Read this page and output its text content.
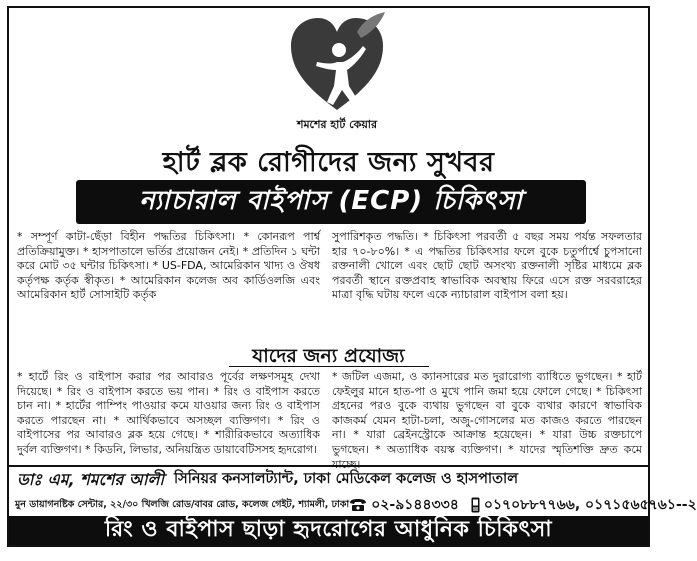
শমশের হার্ট কেয়ার
হার্ট ব্লক রোগীদের জন্য সুখবর
ন্যাচারাল বাইপাস (ECP) চিকিৎসা
* সম্পূর্ণ কাটা-ছেঁড়া বিহীন পদ্ধতির চিকিৎসা। * কোনরূপ পার্শ্ব প্রতিক্রিয়ামুক্ত। * হাসপাতালে ভর্তির প্রয়োজন নেই। * প্রতিদিন ১ ঘন্টা করে মোট ৩৫ ঘন্টার চিকিৎসা। * US-FDA, আমেরিকান খাদ্য ও ঔষধ কর্তৃপক্ষ কর্তৃক স্বীকৃত। * আমেরিকান কলেজ অব কার্ডিওলজি এবং আমেরিকান হার্ট সোসাইটি কর্তৃক
সুপারিশকৃত পদ্ধতি। * চিকিৎসা পরবর্তী ৫ বছর সময় পর্যন্ত সফলতার হার ৭০-৮০%। * এ পদ্ধতির চিকিৎসার ফলে বুকে চতুর্পার্শ্বে চুপসানো রক্তনালী খোলে এবং ছোট ছোট অসংখ্য রক্তনালী সৃষ্টির মাধ্যমে ব্লক পরবর্তী স্থানে রক্তপ্রবাহ স্বাভাবিক অবস্থায় ফিরে এসে রক্ত সরবরাহের মাত্রা বৃদ্ধি ঘটায় ফলে একে ন্যাচারাল বাইপাস বলা হয়।
যাদের জন্য প্রযোজ্য
* হার্টে রিং ও বাইপাস করার পর আবারও পূর্বের লক্ষণসমূহ দেখা দিয়েছে। * রিং ও বাইপাস করতে ভয় পান। * রিং ও বাইপাস করতে চান না। * হার্টের পাম্পিং পাওয়ার কমে যাওয়ার জন্য রিং ও বাইপাস করতে পারছেন না। * আর্থিকভাবে অসচ্ছল ব্যক্তিগণ। * রিং ও বাইপাসের পর আবারও ব্লক হয়ে গেছে। * শারীরিকভাবে অত্যাধিক দুর্বল ব্যক্তিগণ। * কিডনি, লিভার, অনিয়ন্ত্রিত ডায়াবেটিসসহ হৃদরোগ।
* জটিল এজমা, ও ক্যানসারের মত দুরারোগ্য ব্যাধিতে ভুগছেন। * হার্ট ফেইলুর মানে হাত-পা ও মুখে পানি জমা হয়ে ফোলে গেছে। * চিকিৎসা গ্রহনের পরও বুকে ব্যথায় ভুগছেন বা বুকে ব্যথার কারণে স্বাভাবিক কাজকর্ম যেমন হাটা-চলা, অজু-গোসলের মত কাজও করতে পারছেন না। * যারা ব্রেইনস্ট্রোকে আক্রান্ত হয়েছেন। * যারা উচ্চ রক্তচাপে ভুগছেন। * অত্যাধিক বয়স্ক ব্যক্তিগণ। * যাদের স্মৃতিশক্তি দ্রুত কমে যাচ্ছে।
ডাঃ এম, শমশের আলী সিনিয়র কনসালট্যান্ট, ঢাকা মেডিকেল কলেজ ও হাসপাতাল
মুন ডায়াগনষ্টিক সেন্টার, ২২/৩০ খিলজি রোড/বাবর রোড, কলেজ গেইট, শ্যামলী, ঢাকা ০২-৯১৪৪৩৩৪ ০১৭০৮৮৭৭৬৬, ০১৭১৫৬৫৭৬১--২
রিং ও বাইপাস ছাড়া হৃদরোগের আধুনিক চিকিৎসা
